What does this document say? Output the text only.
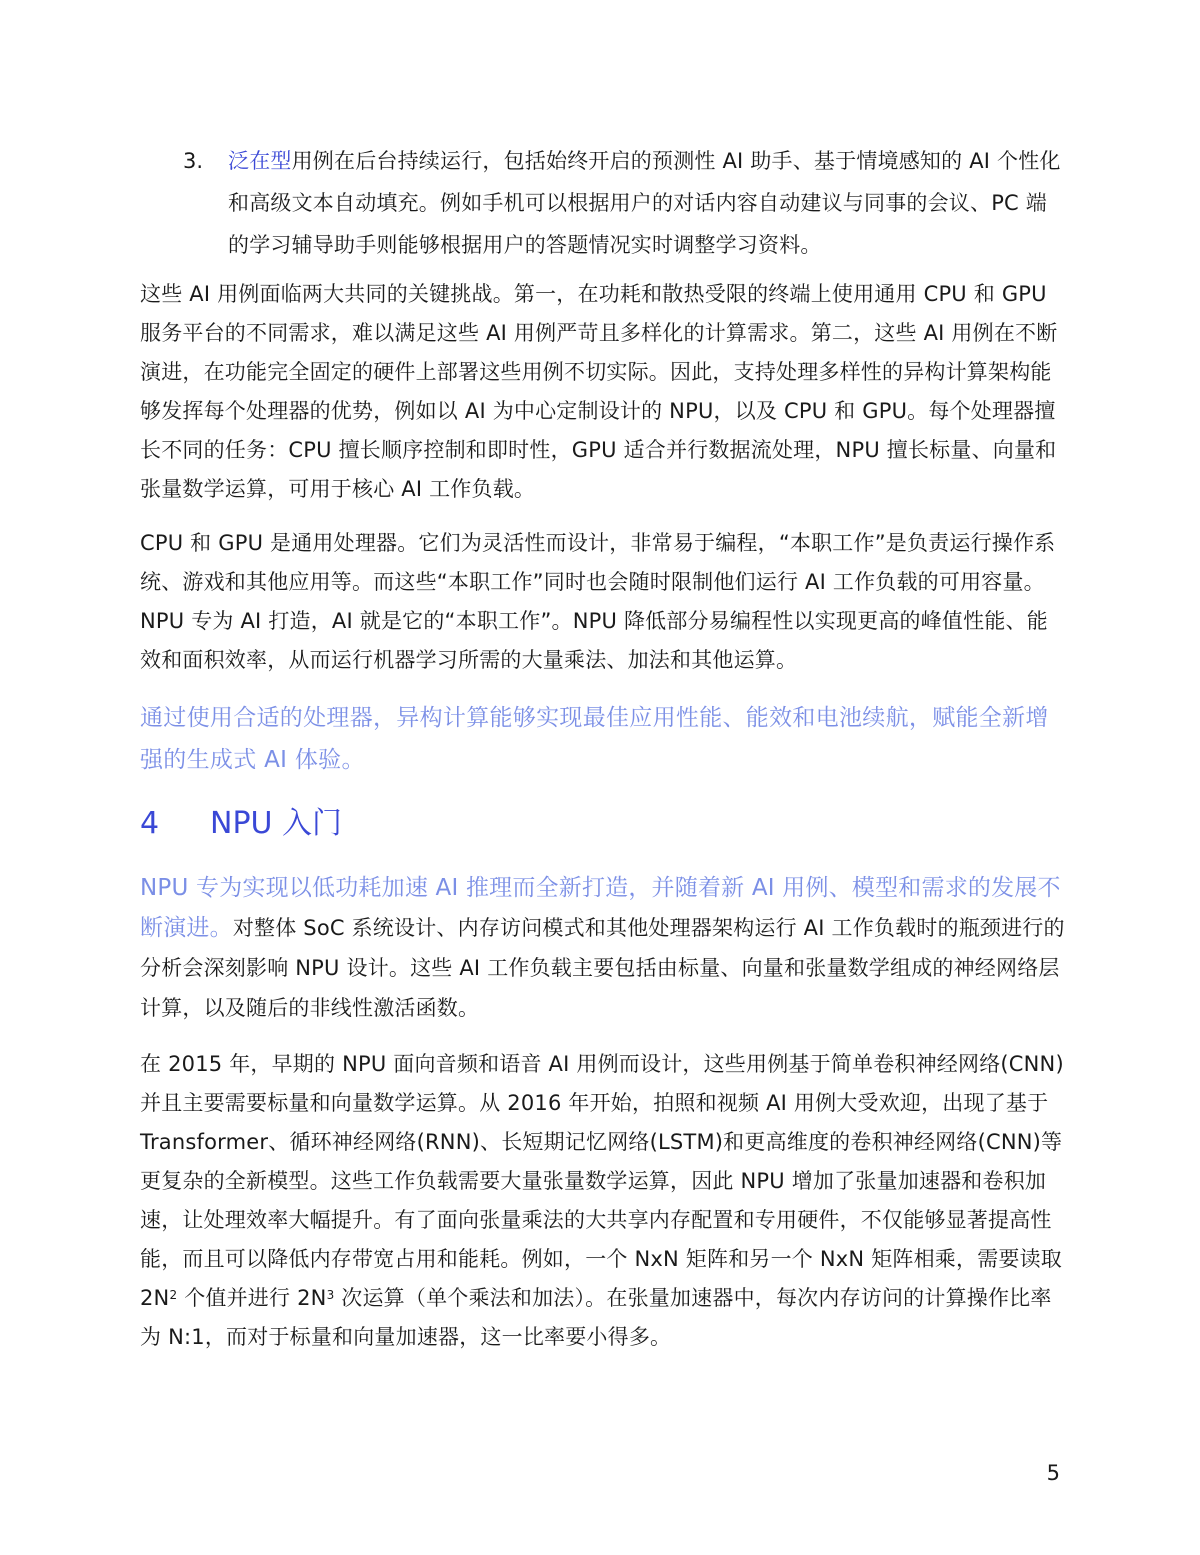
3. 泛在型用例在后台持续运行，包括始终开启的预测性 AI 助手、基于情境感知的 AI 个性化和高级文本自动填充。例如手机可以根据用户的对话内容自动建议与同事的会议、PC 端的学习辅导助手则能够根据用户的答题情况实时调整学习资料。

这些 AI 用例面临两大共同的关键挑战。第一，在功耗和散热受限的终端上使用通用 CPU 和 GPU 服务平台的不同需求，难以满足这些 AI 用例严苛且多样化的计算需求。第二，这些 AI 用例在不断演进，在功能完全固定的硬件上部署这些用例不切实际。因此，支持处理多样性的异构计算架构能够发挥每个处理器的优势，例如以 AI 为中心定制设计的 NPU，以及 CPU 和 GPU。每个处理器擅长不同的任务：CPU 擅长顺序控制和即时性，GPU 适合并行数据流处理，NPU 擅长标量、向量和张量数学运算，可用于核心 AI 工作负载。

CPU 和 GPU 是通用处理器。它们为灵活性而设计，非常易于编程，“本职工作”是负责运行操作系统、游戏和其他应用等。而这些“本职工作”同时也会随时限制他们运行 AI 工作负载的可用容量。NPU 专为 AI 打造，AI 就是它的“本职工作”。NPU 降低部分易编程性以实现更高的峰值性能、能效和面积效率，从而运行机器学习所需的大量乘法、加法和其他运算。

通过使用合适的处理器，异构计算能够实现最佳应用性能、能效和电池续航，赋能全新增强的生成式 AI 体验。

4 NPU 入门

NPU 专为实现以低功耗加速 AI 推理而全新打造，并随着新 AI 用例、模型和需求的发展不断演进。对整体 SoC 系统设计、内存访问模式和其他处理器架构运行 AI 工作负载时的瓶颈进行的分析会深刻影响 NPU 设计。这些 AI 工作负载主要包括由标量、向量和张量数学组成的神经网络层计算，以及随后的非线性激活函数。

在 2015 年，早期的 NPU 面向音频和语音 AI 用例而设计，这些用例基于简单卷积神经网络(CNN)并且主要需要标量和向量数学运算。从 2016 年开始，拍照和视频 AI 用例大受欢迎，出现了基于 Transformer、循环神经网络(RNN)、长短期记忆网络(LSTM)和更高维度的卷积神经网络(CNN)等更复杂的全新模型。这些工作负载需要大量张量数学运算，因此 NPU 增加了张量加速器和卷积加速，让处理效率大幅提升。有了面向张量乘法的大共享内存配置和专用硬件，不仅能够显著提高性能，而且可以降低内存带宽占用和能耗。例如，一个 NxN 矩阵和另一个 NxN 矩阵相乘，需要读取 $2N^2$ 个值并进行 $2N^3$ 次运算（单个乘法和加法）。在张量加速器中，每次内存访问的计算操作比率为 N:1，而对于标量和向量加速器，这一比率要小得多。

5
